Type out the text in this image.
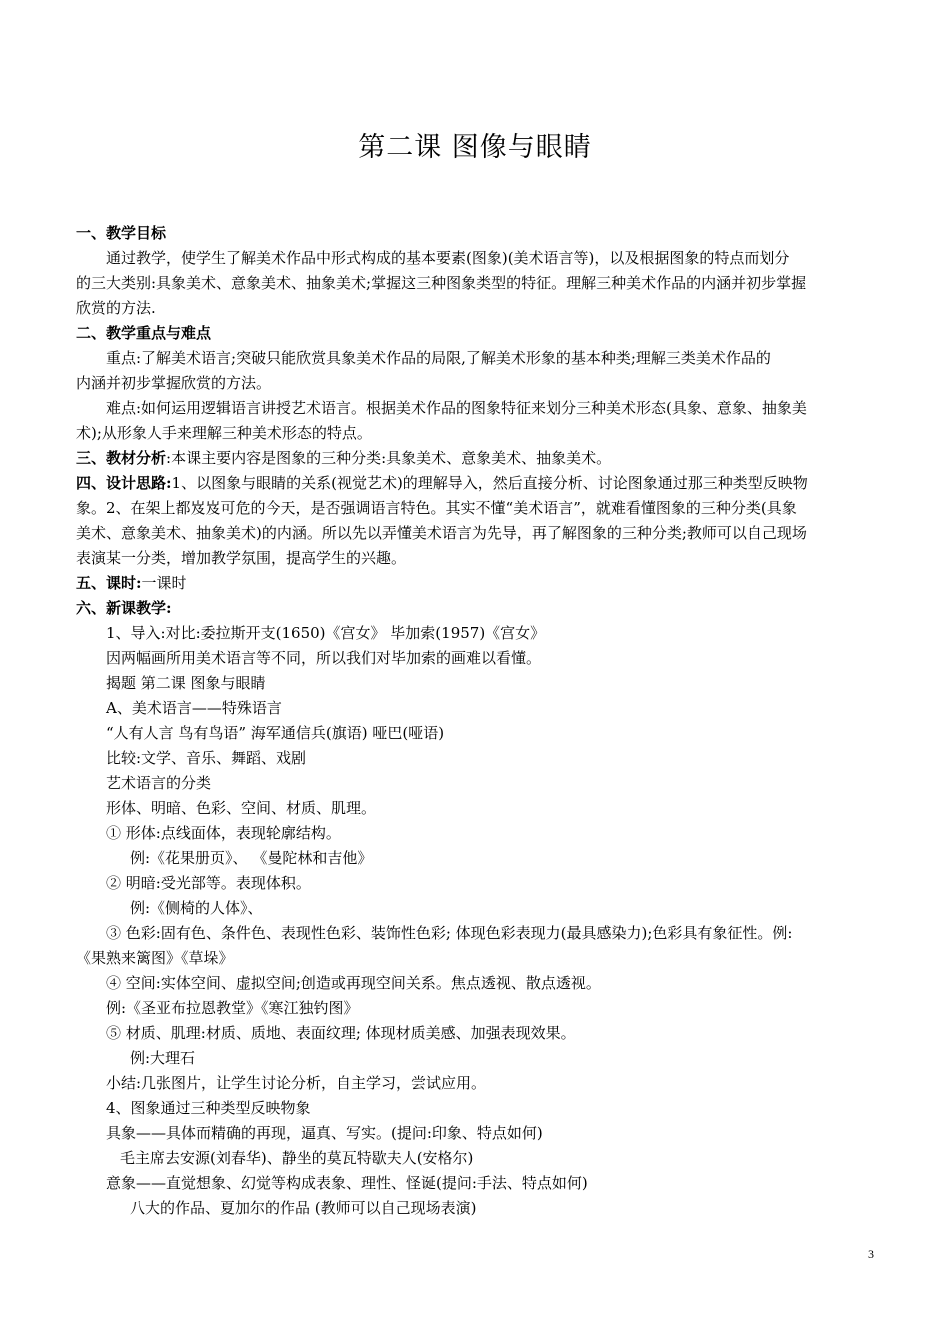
第二课 图像与眼睛
一、教学目标
通过教学，使学生了解美术作品中形式构成的基本要素(图象)(美术语言等)，以及根据图象的特点而划分
的三大类别:具象美术、意象美术、抽象美术;掌握这三种图象类型的特征。理解三种美术作品的内涵并初步掌握
欣赏的方法.
二、教学重点与难点
重点:了解美术语言;突破只能欣赏具象美术作品的局限,了解美术形象的基本种类;理解三类美术作品的
内涵并初步掌握欣赏的方法。
难点:如何运用逻辑语言讲授艺术语言。根据美术作品的图象特征来划分三种美术形态(具象、意象、抽象美
术);从形象人手来理解三种美术形态的特点。
三、教材分析:本课主要内容是图象的三种分类:具象美术、意象美术、抽象美术。
四、设计思路:1、以图象与眼睛的关系(视觉艺术)的理解导入，然后直接分析、讨论图象通过那三种类型反映物
象。2、在架上都岌岌可危的今天，是否强调语言特色。其实不懂“美术语言”，就难看懂图象的三种分类(具象
美术、意象美术、抽象美术)的内涵。所以先以弄懂美术语言为先导，再了解图象的三种分类;教师可以自己现场
表演某一分类，增加教学氛围，提高学生的兴趣。
五、课时:一课时
六、新课教学:
1、导入:对比:委拉斯开支(1650)《宫女》 毕加索(1957)《宫女》
因两幅画所用美术语言等不同，所以我们对毕加索的画难以看懂。
揭题 第二课 图象与眼睛
A、美术语言——特殊语言
“人有人言 鸟有鸟语” 海军通信兵(旗语) 哑巴(哑语)
比较:文学、音乐、舞蹈、戏剧
艺术语言的分类
形体、明暗、色彩、空间、材质、肌理。
① 形体:点线面体，表现轮廓结构。
例:《花果册页》、 《曼陀林和吉他》
② 明暗:受光部等。表现体积。
例:《侧椅的人体》、
③ 色彩:固有色、条件色、表现性色彩、装饰性色彩; 体现色彩表现力(最具感染力);色彩具有象征性。例:
《果熟来篱图》《草垛》
④ 空间:实体空间、虚拟空间;创造或再现空间关系。焦点透视、散点透视。
例:《圣亚布拉恩教堂》《寒江独钓图》
⑤ 材质、肌理:材质、质地、表面纹理; 体现材质美感、加强表现效果。
例:大理石
小结:几张图片，让学生讨论分析，自主学习，尝试应用。
4、图象通过三种类型反映物象
具象——具体而精确的再现，逼真、写实。(提问:印象、特点如何)
毛主席去安源(刘春华)、静坐的莫瓦特歇夫人(安格尔)
意象——直觉想象、幻觉等构成表象、理性、怪诞(提问:手法、特点如何)
八大的作品、夏加尔的作品 (教师可以自己现场表演)
3
